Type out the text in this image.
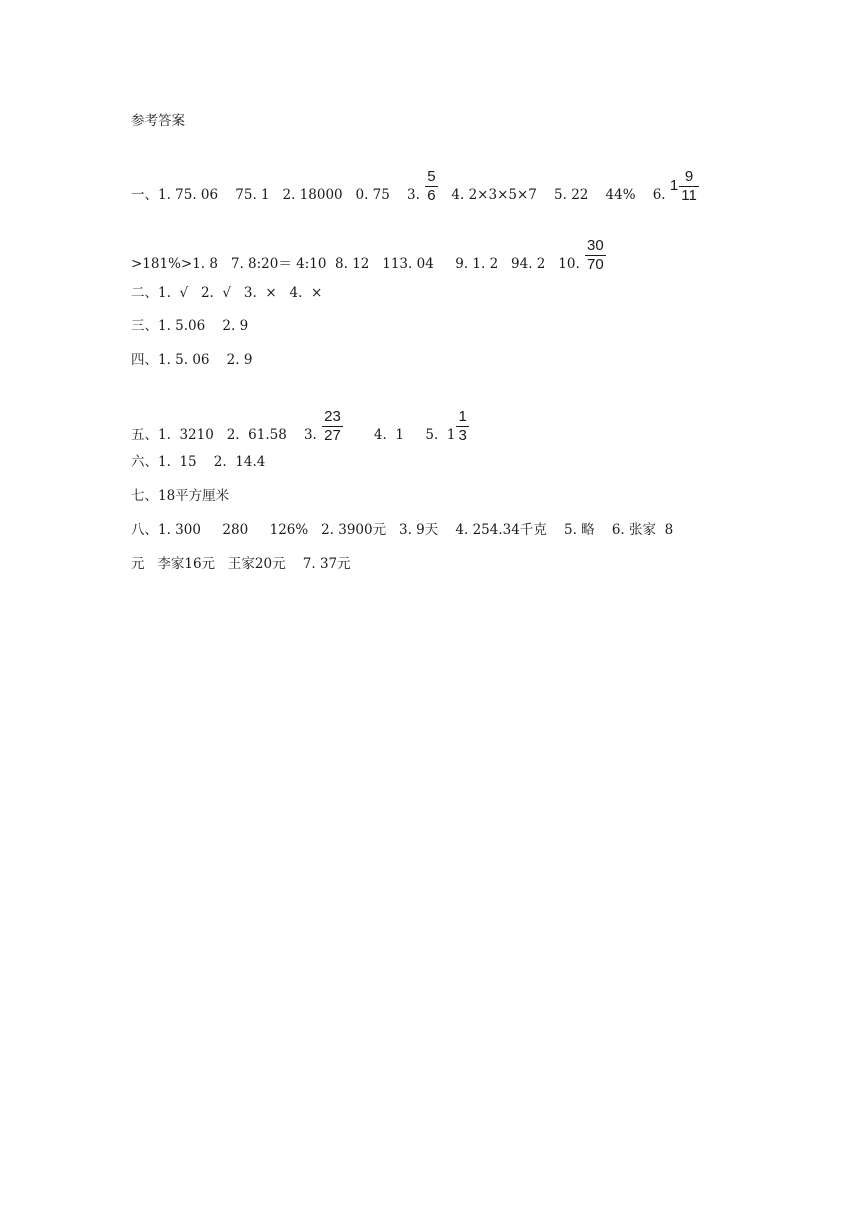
参考答案
一、1. 75. 06    75. 1   2. 18000   0. 75    3. $\frac{5}{6} 4$. 2×3×5×7    5. 22    44%    6. $1 \frac{9}{11}$
>181%>1. 8   7. 8:20＝ 4:10  8. 12   113. 04     9. 1. 2   94. 2   10. $\frac{30}{70}$
二、1.  √   2.  √   3.  ×   4.  ×
三、1. 5.06    2. 9
四、1. 5. 06    2. 9
五、1.  3210   2.  61.58    3. $\frac{23}{27} 4$.  1     5.  $1 \frac{1}{3}$
六、1.  15    2.  14.4
七、18平方厘米
八、1. 300     280     126%   2. 3900元   3. 9天    4. 254.34千克    5. 略    6. 张家  8
元   李家16元   王家20元    7. 37元
